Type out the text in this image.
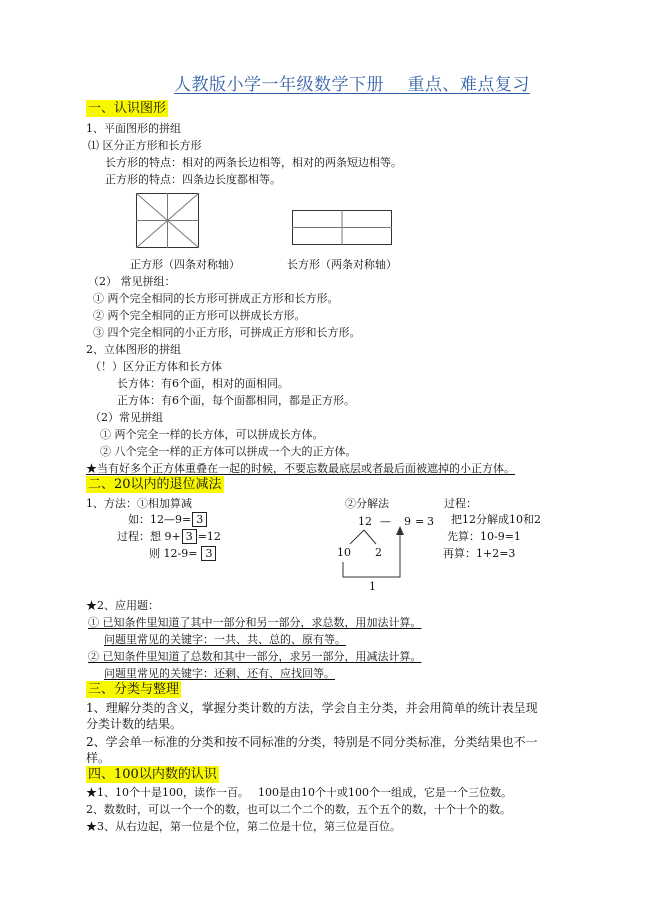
人教版小学一年级数学下册　 重点、难点复习
一、认识图形
1、平面图形的拼组
⑴ 区分正方形和长方形
长方形的特点：相对的两条长边相等，相对的两条短边相等。
正方形的特点：四条边长度都相等。
正方形（四条对称轴）	长方形（两条对称轴）
（2） 常见拼组：
① 两个完全相同的长方形可拼成正方形和长方形。
② 两个完全相同的正方形可以拼成长方形。
③ 四个完全相同的小正方形，可拼成正方形和长方形。
2、立体图形的拼组
（！）区分正方体和长方体
长方体：有6个面，相对的面相同。
正方体：有6个面，每个面都相同，都是正方形。
（2）常见拼组
① 两个完全一样的长方体，可以拼成长方体。
② 八个完全一样的正方体可以拼成一个大的正方体。
★当有好多个正方体重叠在一起的时候，不要忘数最底层或者最后面被遮掉的小正方体。
二、20以内的退位减法
1、方法：①相加算减
如：12—9= 3
过程：想 9+ 3 =12
则 12-9= 3
②分解法
12 — 9 = 3
10 2
1
过程：
把12分解成10和2
先算：10-9=1
再算：1+2=3
★2、应用题：
① 已知条件里知道了其中一部分和另一部分，求总数，用加法计算。
问题里常见的关键字：一共、共、总的、原有等。
② 已知条件里知道了总数和其中一部分，求另一部分，用减法计算。
问题里常见的关键字：还剩、还有、应找回等。
三、分类与整理
1、理解分类的含义，掌握分类计数的方法，学会自主分类，并会用简单的统计表呈现
分类计数的结果。
2、学会单一标准的分类和按不同标准的分类，特别是不同分类标准，分类结果也不一
样。
四、100以内数的认识
★1、10个十是100，读作一百。　 100是由10个十或100个一组成，它是一个三位数。
2、数数时，可以一个一个的数，也可以二个二个的数，五个五个的数，十个十个的数。
★3、从右边起，第一位是个位，第二位是十位，第三位是百位。
